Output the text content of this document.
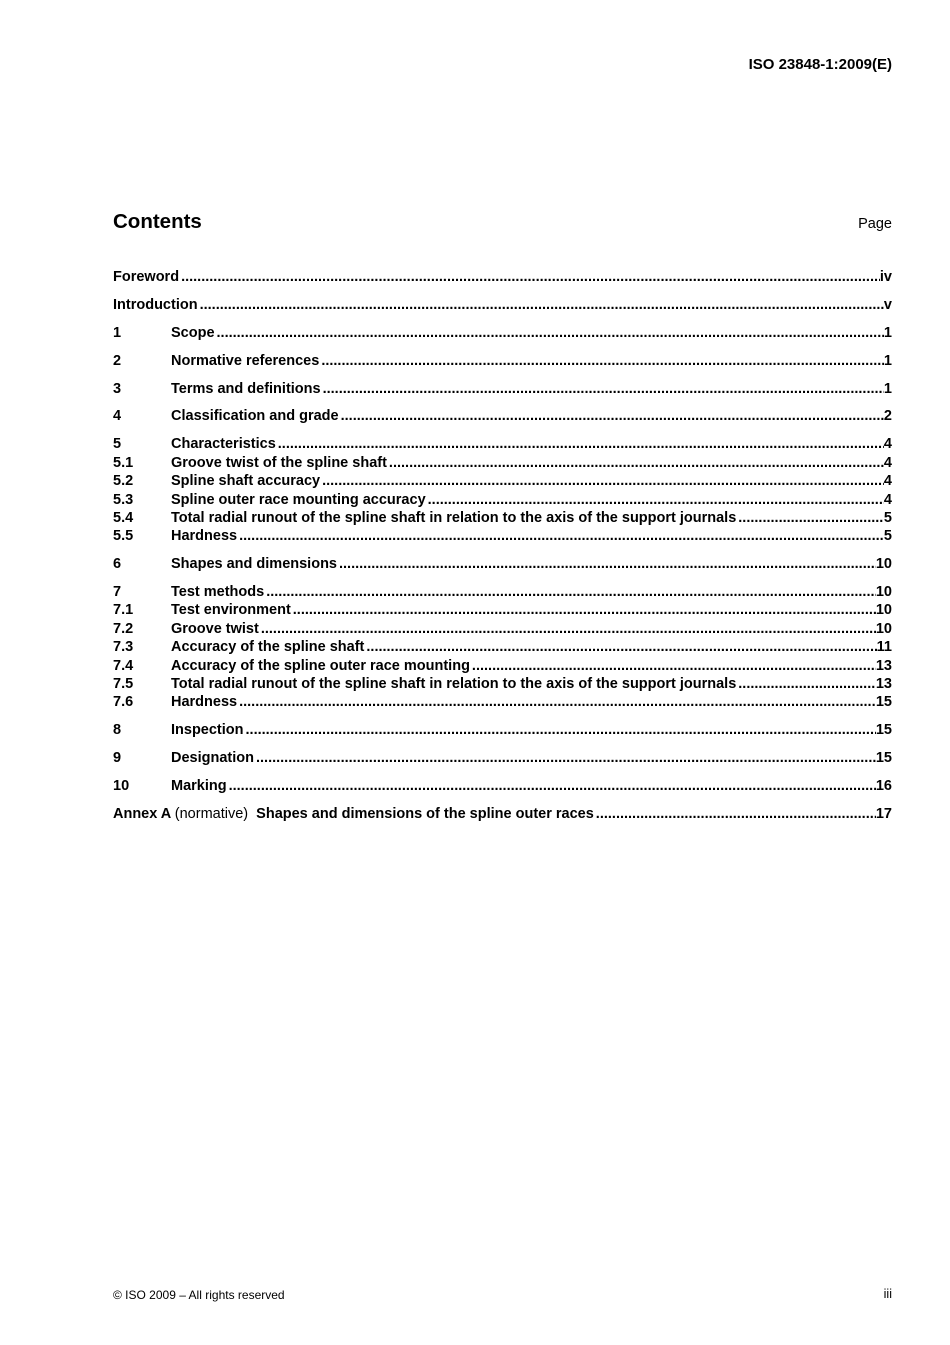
ISO 23848-1:2009(E)
Contents	Page
Foreword .....	iv
Introduction .....	v
1	Scope .....	1
2	Normative references .....	1
3	Terms and definitions .....	1
4	Classification and grade .....	2
5	Characteristics .....	4
5.1	Groove twist of the spline shaft .....	4
5.2	Spline shaft accuracy .....	4
5.3	Spline outer race mounting accuracy .....	4
5.4	Total radial runout of the spline shaft in relation to the axis of the support journals .....	5
5.5	Hardness .....	5
6	Shapes and dimensions .....	10
7	Test methods .....	10
7.1	Test environment .....	10
7.2	Groove twist .....	10
7.3	Accuracy of the spline shaft .....	11
7.4	Accuracy of the spline outer race mounting .....	13
7.5	Total radial runout of the spline shaft in relation to the axis of the support journals .....	13
7.6	Hardness .....	15
8	Inspection .....	15
9	Designation .....	15
10	Marking .....	16
Annex A (normative) Shapes and dimensions of the spline outer races .....	17
© ISO 2009 – All rights reserved	iii
